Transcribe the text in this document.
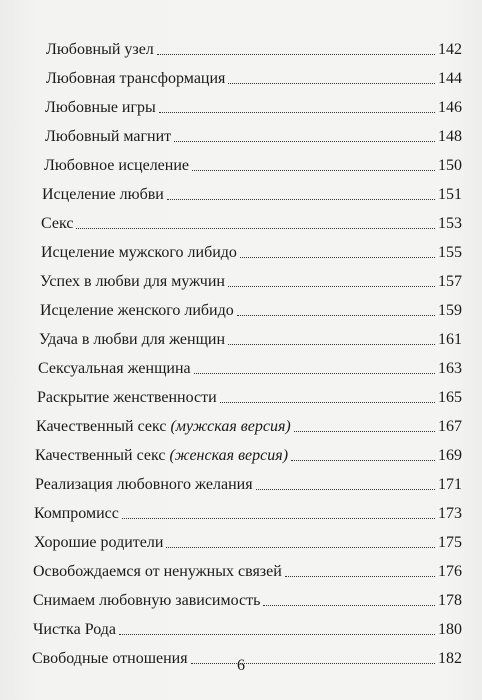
Любовный узел	142
Любовная трансформация	144
Любовные игры	146
Любовный магнит	148
Любовное исцеление	150
Исцеление любви	151
Секс	153
Исцеление мужского либидо	155
Успех в любви для мужчин	157
Исцеление женского либидо	159
Удача в любви для женщин	161
Сексуальная женщина	163
Раскрытие женственности	165
Качественный секс (мужская версия)	167
Качественный секс (женская версия)	169
Реализация любовного желания	171
Компромисс	173
Хорошие родители	175
Освобождаемся от ненужных связей	176
Снимаем любовную зависимость	178
Чистка Рода	180
Свободные отношения	182
6
